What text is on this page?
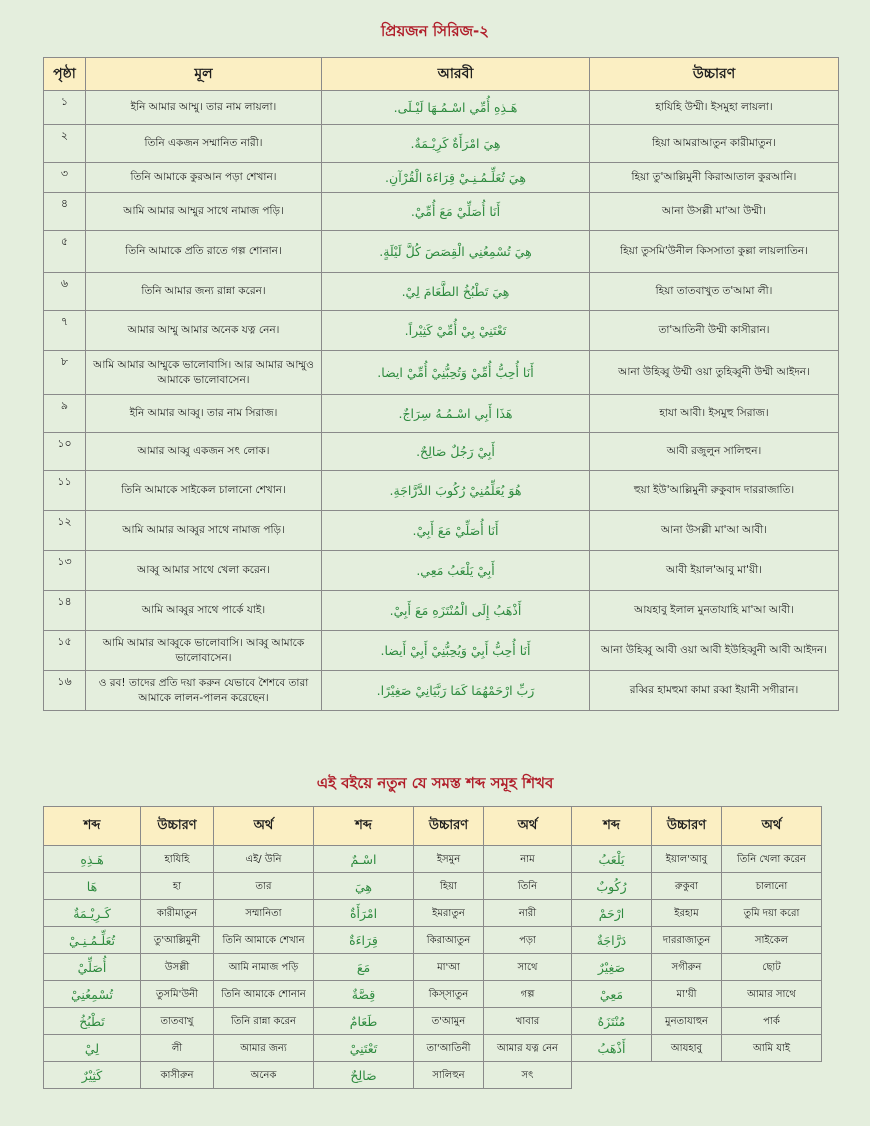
প্রিয়জন সিরিজ-২
পৃষ্ঠা	মূল	আরবী	উচ্চারণ
১	ইনি আমার আম্মু। তার নাম লায়লা।	هَـذِهِ أُمِّي اسْـمُـهَا لَيْـلَى.	হাযিহি উম্মী। ইসমুহা লায়লা।
২	তিনি একজন সম্মানিত নারী।	هِيَ امْرَأَةٌ كَرِيْـمَةٌ.	হিয়া আমরাআতুন কারীমাতুন।
৩	তিনি আমাকে কুরআন পড়া শেখান।	هِيَ تُعَلِّـمُـنِـيْ قِرَاءَةَ الْقُرْآنِ.	হিয়া তু'আল্লিমুনী কিরাআতাল কুরআনি।
৪	আমি আমার আম্মুর সাথে নামাজ পড়ি।	أَنَا أُصَلِّيْ مَعَ أُمِّيْ.	আনা উসল্লী মা'আ উম্মী।
৫	তিনি আমাকে প্রতি রাতে গল্প শোনান।	هِيَ تُسْمِعُنِي الْقِصَصَ كُلَّ لَيْلَةٍ.	হিয়া তুসমি'উনীল কিসসাতা কুল্লা লায়লাতিন।
৬	তিনি আমার জন্য রান্না করেন।	هِيَ تَطْبُخُ الطَّعَامَ لِيْ.	হিয়া তাতবাখুত ত'আমা লী।
৭	আমার আম্মু আমার অনেক যত্ন নেন।	تَعْتَنِيْ بِيْ أُمِّيْ كَثِيْراً.	তা'আতিনী উম্মী কাসীরান।
৮	আমি আমার আম্মুকে ভালোবাসি। আর আমার আম্মুও আমাকে ভালোবাসেন।	أَنَا أُحِبُّ أُمِّيْ وَتُحِبُّنِيْ أُمِّيْ ايضا.	আনা উহিব্বু উম্মী ওয়া তুহিব্বুনী উম্মী আইদন।
৯	ইনি আমার আব্বু। তার নাম সিরাজ।	هَذَا أَبِي اسْـمُـهُ سِرَاجٌ.	হাযা আবী। ইসমুহু সিরাজ।
১০	আমার আব্বু একজন সৎ লোক।	أَبِيْ رَجُلٌ صَالِحٌ.	আবী রজুলুন সালিহুন।
১১	তিনি আমাকে সাইকেল চালানো শেখান।	هُوَ يُعَلِّمُنِيْ رُكُوبَ الدَّرَّاجَةِ.	হুয়া ইউ'আল্লিমুনী রুকুবাদ দাররাজাতি।
১২	আমি আমার আব্বুর সাথে নামাজ পড়ি।	أَنَا أُصَلِّيْ مَعَ أَبِيْ.	আনা উসল্লী মা'আ আবী।
১৩	আব্বু আমার সাথে খেলা করেন।	أَبِيْ يَلْعَبُ مَعِي.	আবী ইয়াল'আবু মা'য়ী।
১৪	আমি আব্বুর সাথে পার্কে যাই।	أَذْهَبُ إِلَى الْمُنْتَزَهِ مَعَ أَبِيْ.	আযহাবু ইলাল মুনতাযাহি মা'আ আবী।
১৫	আমি আমার আব্বুকে ভালোবাসি। আব্বু আমাকে ভালোবাসেন।	أَنَا أُحِبُّ أَبِيْ وَيُحِبُّنِيْ أَبِيْ أَيضا.	আনা উহিব্বু আবী ওয়া আবী ইউহিব্বুনী আবী আইদন।
১৬	ও রব! তাদের প্রতি দয়া করুন যেভাবে শৈশবে তারা আমাকে লালন-পালন করেছেন।	رَبِّ ارْحَمْهُمَا كَمَا رَبَّيَانِيْ صَغِيْرًا.	রব্বির হামহুমা কামা রব্বা ইয়ানী সগীরান।
এই বইয়ে নতুন যে সমস্ত শব্দ সমূহ শিখব
শব্দ	উচ্চারণ	অর্থ	শব্দ	উচ্চারণ	অর্থ	শব্দ	উচ্চারণ	অর্থ
هَـذِهِ	হাযিহি	এই/ উনি	اسْـمٌ	ইসমুন	নাম	يَلْعَبُ	ইয়াল'আবু	তিনি খেলা করেন
هَا	হা	তার	هِيَ	হিয়া	তিনি	رُكُوبٌ	রুকুবা	চালানো
كَـرِيْـمَةٌ	কারীমাতুন	সম্মানিতা	امْرَأَةٌ	ইমরাতুন	নারী	ارْحَمْ	ইরহাম	তুমি দয়া করো
تُعَلِّـمُـنِـيْ	তু'আল্লিমুনী	তিনি আমাকে শেখান	قِرَاءَةٌ	কিরাআতুন	পড়া	دَرَّاجَةٌ	দাররাজাতুন	সাইকেল
أُصَلِّيْ	উসল্লী	আমি নামাজ পড়ি	مَعَ	মা'আ	সাথে	صَغِيْرٌ	সগীরুন	ছোট
تُسْمِعُنِيْ	তুসমি'উনী	তিনি আমাকে শোনান	قِصَّةٌ	কিস্সাতুন	গল্প	مَعِيْ	মা'য়ী	আমার সাথে
تَطْبُخُ	তাতবাখু	তিনি রান্না করেন	طَعَامٌ	ত'আমুন	খাবার	مُنْتَزَهٌ	মুনতাযাহুন	পার্ক
لِيْ	লী	আমার জন্য	تَعْتَنِيْ	তা'আতিনী	আমার যত্ন নেন	أَذْهَبُ	আযহাবু	আমি যাই
كَثِيْرٌ	কাসীরুন	অনেক	صَالِحٌ	সালিহুন	সৎ			
